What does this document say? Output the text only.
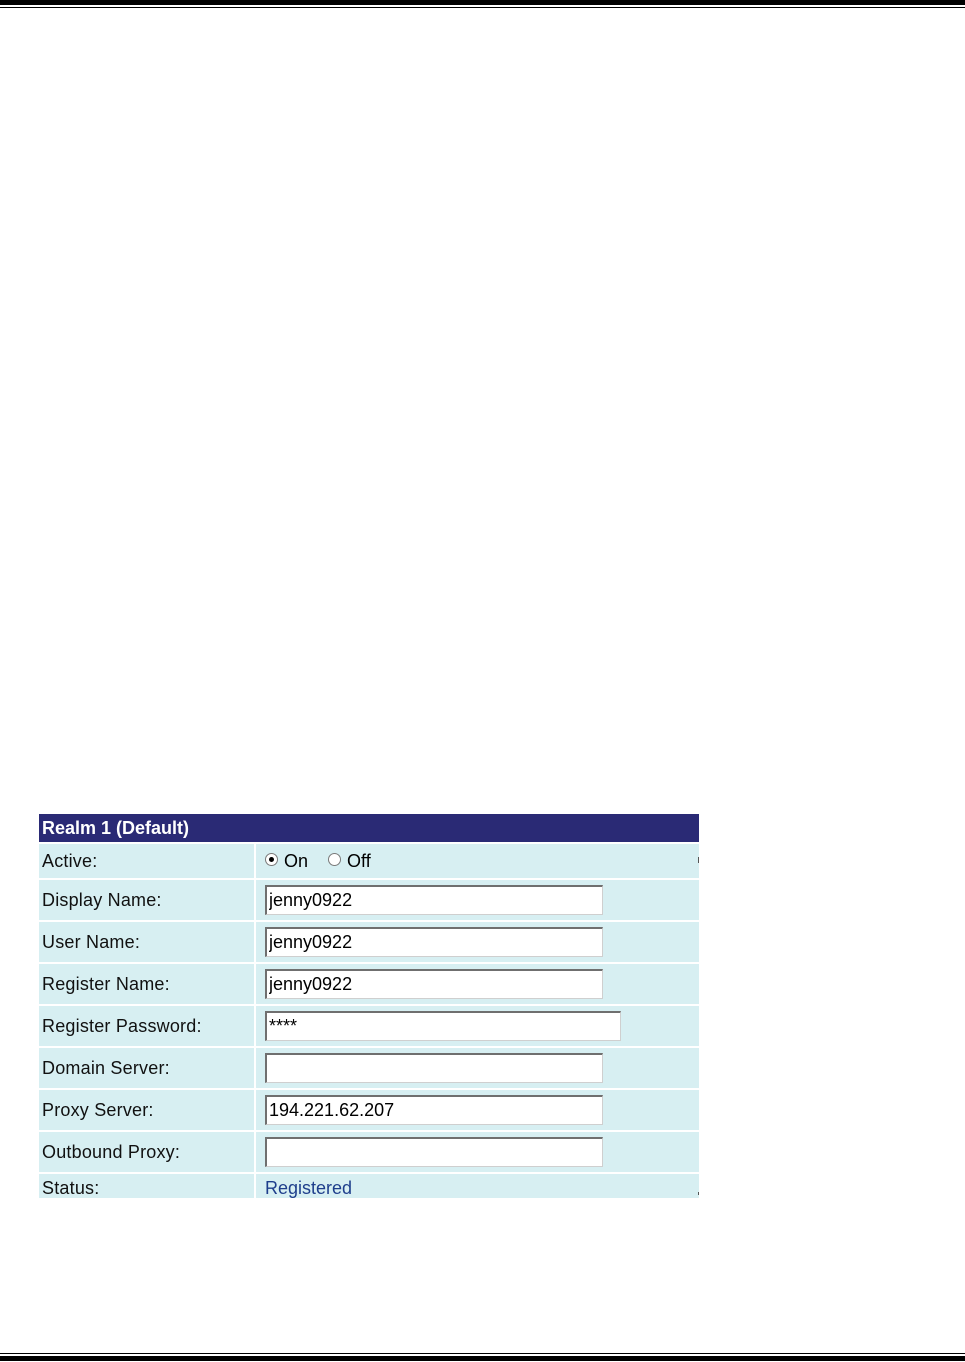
Realm 1 (Default)
Active:	On Off
Display Name:
jenny0922
User Name:
jenny0922
Register Name:
jenny0922
Register Password:
****
Domain Server:
Proxy Server:
194.221.62.207
Outbound Proxy:
Status:	Registered
